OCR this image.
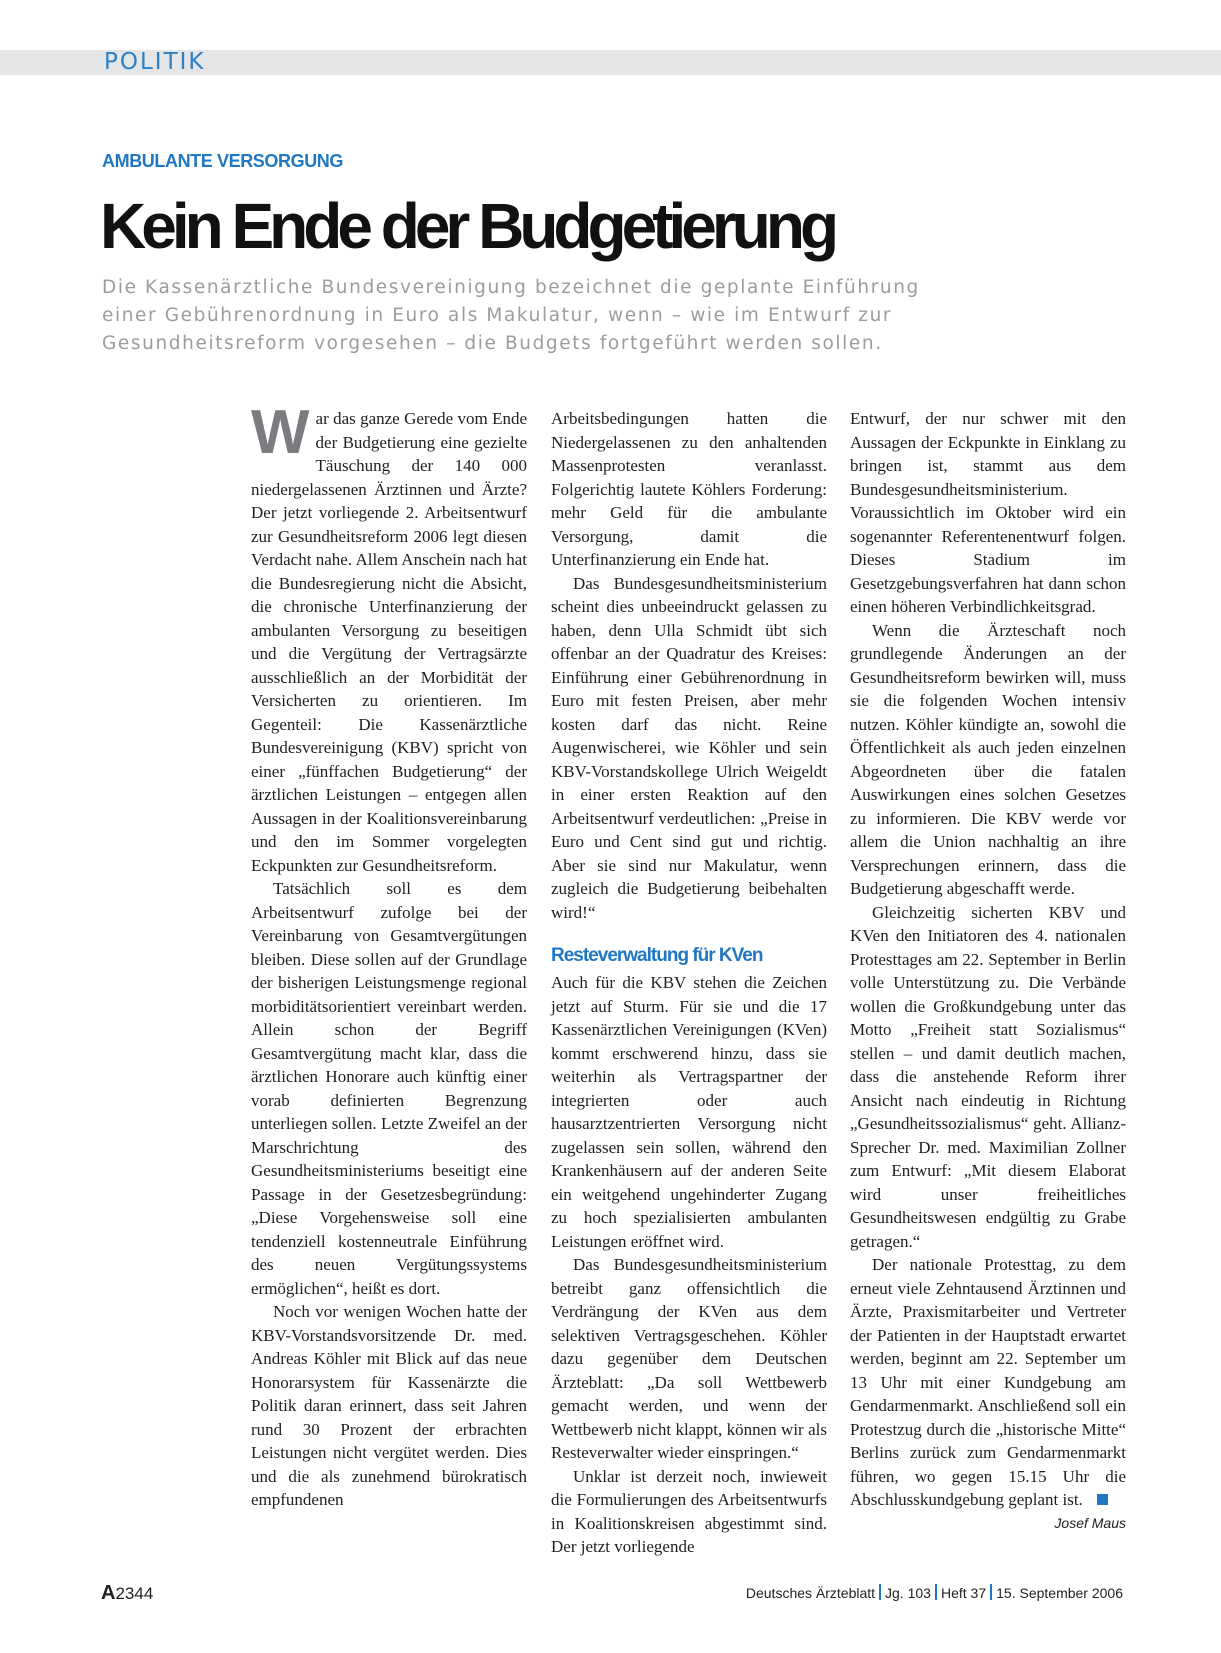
POLITIK
AMBULANTE VERSORGUNG
Kein Ende der Budgetierung

Die Kassenärztliche Bundesvereinigung bezeichnet die geplante Einführung einer Gebührenordnung in Euro als Makulatur, wenn – wie im Entwurf zur Gesundheitsreform vorgesehen – die Budgets fortgeführt werden sollen.

War das ganze Gerede vom Ende der Budgetierung eine gezielte Täuschung der 140 000 niedergelassenen Ärztinnen und Ärzte? Der jetzt vorliegende 2. Arbeitsentwurf zur Gesundheitsreform 2006 legt diesen Verdacht nahe. Allem Anschein nach hat die Bundesregierung nicht die Absicht, die chronische Unterfinanzierung der ambulanten Versorgung zu beseitigen und die Vergütung der Vertragsärzte ausschließlich an der Morbidität der Versicherten zu orientieren. Im Gegenteil: Die Kassenärztliche Bundesvereinigung (KBV) spricht von einer „fünffachen Budgetierung“ der ärztlichen Leistungen – entgegen allen Aussagen in der Koalitionsvereinbarung und den im Sommer vorgelegten Eckpunkten zur Gesundheitsreform.

Tatsächlich soll es dem Arbeitsentwurf zufolge bei der Vereinbarung von Gesamtvergütungen bleiben. Diese sollen auf der Grundlage der bisherigen Leistungsmenge regional morbiditätsorientiert vereinbart werden. Allein schon der Begriff Gesamtvergütung macht klar, dass die ärztlichen Honorare auch künftig einer vorab definierten Begrenzung unterliegen sollen. Letzte Zweifel an der Marschrichtung des Gesundheitsministeriums beseitigt eine Passage in der Gesetzesbegründung: „Diese Vorgehensweise soll eine tendenziell kostenneutrale Einführung des neuen Vergütungssystems ermöglichen“, heißt es dort.

Noch vor wenigen Wochen hatte der KBV-Vorstandsvorsitzende Dr. med. Andreas Köhler mit Blick auf das neue Honorarsystem für Kassenärzte die Politik daran erinnert, dass seit Jahren rund 30 Prozent der erbrachten Leistungen nicht vergütet werden. Dies und die als zunehmend bürokratisch empfundenen

Arbeitsbedingungen hatten die Niedergelassenen zu den anhaltenden Massenprotesten veranlasst. Folgerichtig lautete Köhlers Forderung: mehr Geld für die ambulante Versorgung, damit die Unterfinanzierung ein Ende hat.

Das Bundesgesundheitsministerium scheint dies unbeeindruckt gelassen zu haben, denn Ulla Schmidt übt sich offenbar an der Quadratur des Kreises: Einführung einer Gebührenordnung in Euro mit festen Preisen, aber mehr kosten darf das nicht. Reine Augenwischerei, wie Köhler und sein KBV-Vorstandskollege Ulrich Weigeldt in einer ersten Reaktion auf den Arbeitsentwurf verdeutlichen: „Preise in Euro und Cent sind gut und richtig. Aber sie sind nur Makulatur, wenn zugleich die Budgetierung beibehalten wird!“

Resteverwaltung für KVen

Auch für die KBV stehen die Zeichen jetzt auf Sturm. Für sie und die 17 Kassenärztlichen Vereinigungen (KVen) kommt erschwerend hinzu, dass sie weiterhin als Vertragspartner der integrierten oder auch hausarztzentrierten Versorgung nicht zugelassen sein sollen, während den Krankenhäusern auf der anderen Seite ein weitgehend ungehinderter Zugang zu hoch spezialisierten ambulanten Leistungen eröffnet wird.

Das Bundesgesundheitsministerium betreibt ganz offensichtlich die Verdrängung der KVen aus dem selektiven Vertragsgeschehen. Köhler dazu gegenüber dem Deutschen Ärzteblatt: „Da soll Wettbewerb gemacht werden, und wenn der Wettbewerb nicht klappt, können wir als Resteverwalter wieder einspringen.“

Unklar ist derzeit noch, inwieweit die Formulierungen des Arbeitsentwurfs in Koalitionskreisen abgestimmt sind. Der jetzt vorliegende

Entwurf, der nur schwer mit den Aussagen der Eckpunkte in Einklang zu bringen ist, stammt aus dem Bundesgesundheitsministerium. Voraussichtlich im Oktober wird ein sogenannter Referentenentwurf folgen. Dieses Stadium im Gesetzgebungsverfahren hat dann schon einen höheren Verbindlichkeitsgrad.

Wenn die Ärzteschaft noch grundlegende Änderungen an der Gesundheitsreform bewirken will, muss sie die folgenden Wochen intensiv nutzen. Köhler kündigte an, sowohl die Öffentlichkeit als auch jeden einzelnen Abgeordneten über die fatalen Auswirkungen eines solchen Gesetzes zu informieren. Die KBV werde vor allem die Union nachhaltig an ihre Versprechungen erinnern, dass die Budgetierung abgeschafft werde.

Gleichzeitig sicherten KBV und KVen den Initiatoren des 4. nationalen Protesttages am 22. September in Berlin volle Unterstützung zu. Die Verbände wollen die Großkundgebung unter das Motto „Freiheit statt Sozialismus“ stellen – und damit deutlich machen, dass die anstehende Reform ihrer Ansicht nach eindeutig in Richtung „Gesundheitssozialismus“ geht. Allianz-Sprecher Dr. med. Maximilian Zollner zum Entwurf: „Mit diesem Elaborat wird unser freiheitliches Gesundheitswesen endgültig zu Grabe getragen.“

Der nationale Protesttag, zu dem erneut viele Zehntausend Ärztinnen und Ärzte, Praxismitarbeiter und Vertreter der Patienten in der Hauptstadt erwartet werden, beginnt am 22. September um 13 Uhr mit einer Kundgebung am Gendarmenmarkt. Anschließend soll ein Protestzug durch die „historische Mitte“ Berlins zurück zum Gendarmenmarkt führen, wo gegen 15.15 Uhr die Abschlusskundgebung geplant ist.

Josef Maus
A2344	Deutsches Ärzteblatt Jg. 103 Heft 37 15. September 2006
